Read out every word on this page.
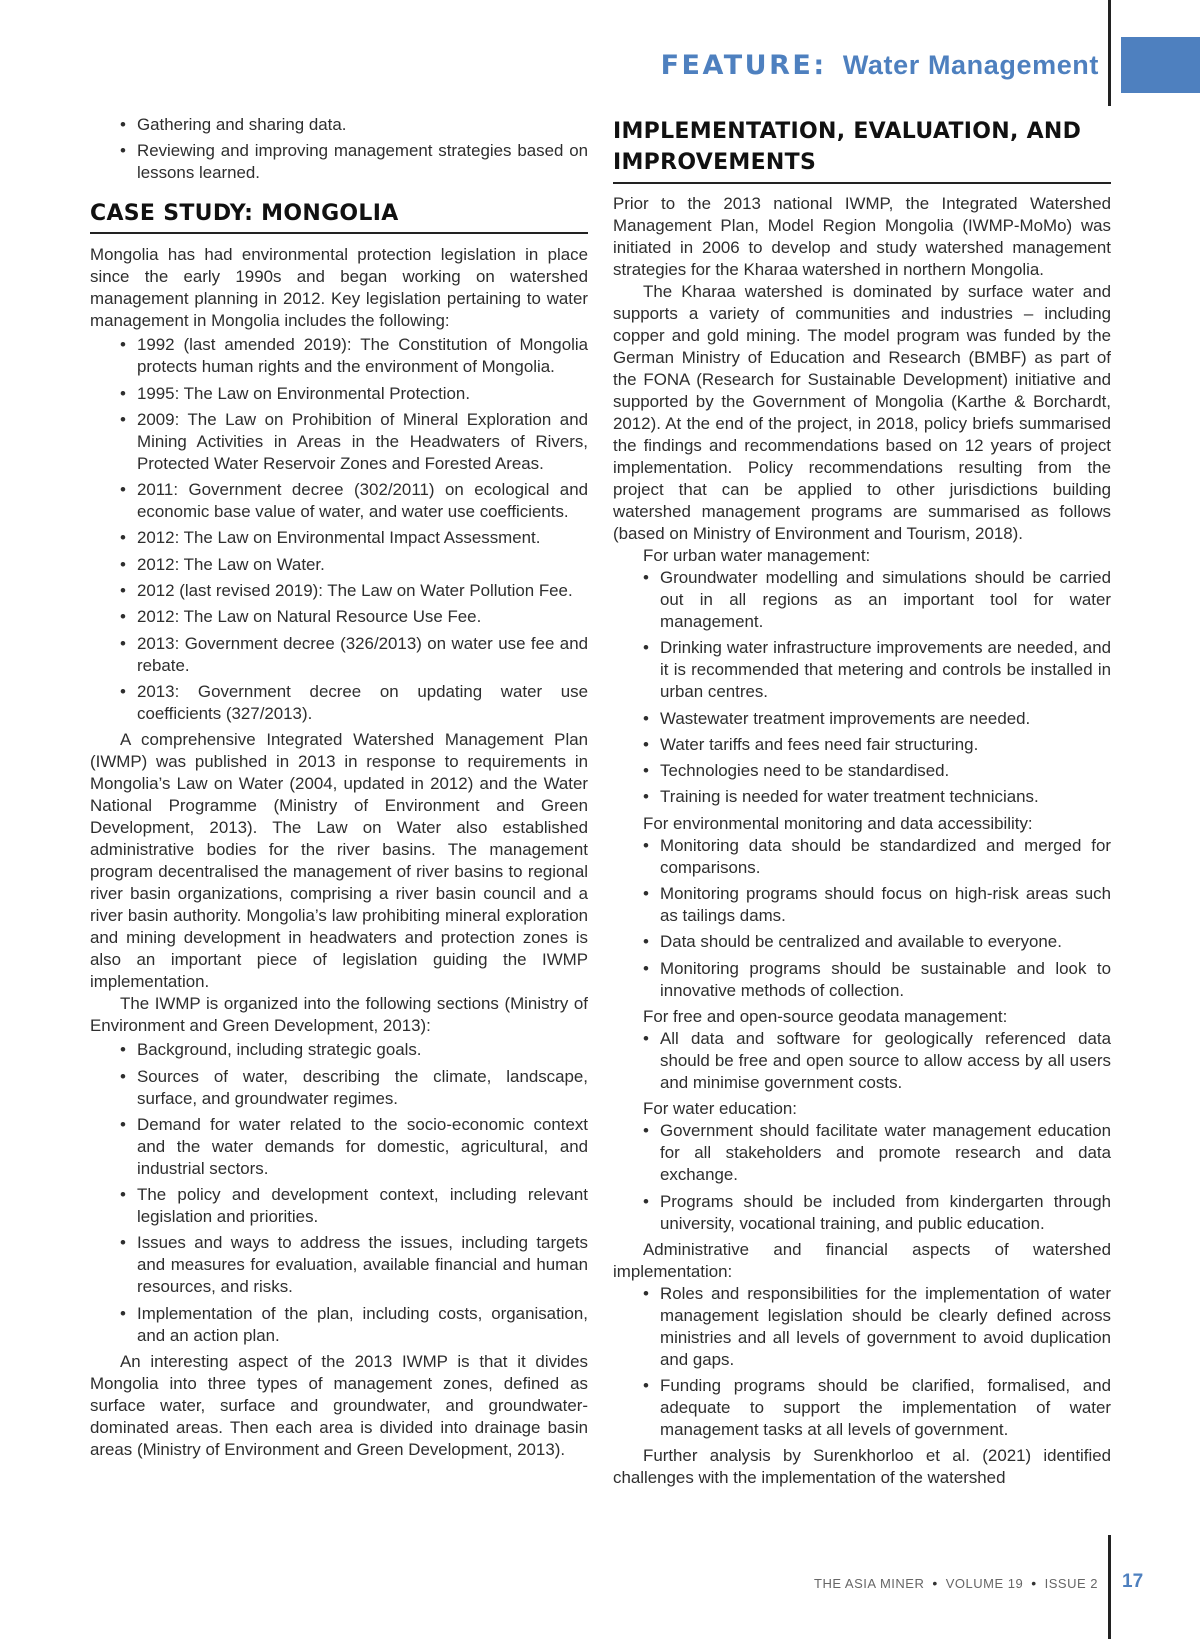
FEATURE: Water Management
• Gathering and sharing data.
• Reviewing and improving management strategies based on lessons learned.
CASE STUDY: MONGOLIA

Mongolia has had environmental protection legislation in place since the early 1990s and began working on watershed management planning in 2012. Key legislation pertaining to water management in Mongolia includes the following:

• 1992 (last amended 2019): The Constitution of Mongolia protects human rights and the environment of Mongolia.
• 1995: The Law on Environmental Protection.
• 2009: The Law on Prohibition of Mineral Exploration and Mining Activities in Areas in the Headwaters of Rivers, Protected Water Reservoir Zones and Forested Areas.
• 2011: Government decree (302/2011) on ecological and economic base value of water, and water use coefficients.
• 2012: The Law on Environmental Impact Assessment.
• 2012: The Law on Water.
• 2012 (last revised 2019): The Law on Water Pollution Fee.
• 2012: The Law on Natural Resource Use Fee.
• 2013: Government decree (326/2013) on water use fee and rebate.
• 2013: Government decree on updating water use coefficients (327/2013).

A comprehensive Integrated Watershed Management Plan (IWMP) was published in 2013 in response to requirements in Mongolia’s Law on Water (2004, updated in 2012) and the Water National Programme (Ministry of Environment and Green Development, 2013). The Law on Water also established administrative bodies for the river basins. The management program decentralised the management of river basins to regional river basin organizations, comprising a river basin council and a river basin authority. Mongolia’s law prohibiting mineral exploration and mining development in headwaters and protection zones is also an important piece of legislation guiding the IWMP implementation.

The IWMP is organized into the following sections (Ministry of Environment and Green Development, 2013):

• Background, including strategic goals.
• Sources of water, describing the climate, landscape, surface, and groundwater regimes.
• Demand for water related to the socio-economic context and the water demands for domestic, agricultural, and industrial sectors.
• The policy and development context, including relevant legislation and priorities.
• Issues and ways to address the issues, including targets and measures for evaluation, available financial and human resources, and risks.
• Implementation of the plan, including costs, organisation, and an action plan.

An interesting aspect of the 2013 IWMP is that it divides Mongolia into three types of management zones, defined as surface water, surface and groundwater, and groundwater-dominated areas. Then each area is divided into drainage basin areas (Ministry of Environment and Green Development, 2013).

IMPLEMENTATION, EVALUATION, AND IMPROVEMENTS

Prior to the 2013 national IWMP, the Integrated Watershed Management Plan, Model Region Mongolia (IWMP-MoMo) was initiated in 2006 to develop and study watershed management strategies for the Kharaa watershed in northern Mongolia.

The Kharaa watershed is dominated by surface water and supports a variety of communities and industries – including copper and gold mining. The model program was funded by the German Ministry of Education and Research (BMBF) as part of the FONA (Research for Sustainable Development) initiative and supported by the Government of Mongolia (Karthe & Borchardt, 2012). At the end of the project, in 2018, policy briefs summarised the findings and recommendations based on 12 years of project implementation. Policy recommendations resulting from the project that can be applied to other jurisdictions building watershed management programs are summarised as follows (based on Ministry of Environment and Tourism, 2018).

For urban water management:

• Groundwater modelling and simulations should be carried out in all regions as an important tool for water management.
• Drinking water infrastructure improvements are needed, and it is recommended that metering and controls be installed in urban centres.
• Wastewater treatment improvements are needed.
• Water tariffs and fees need fair structuring.
• Technologies need to be standardised.
• Training is needed for water treatment technicians.

For environmental monitoring and data accessibility:

• Monitoring data should be standardized and merged for comparisons.
• Monitoring programs should focus on high-risk areas such as tailings dams.
• Data should be centralized and available to everyone.
• Monitoring programs should be sustainable and look to innovative methods of collection.

For free and open-source geodata management:

• All data and software for geologically referenced data should be free and open source to allow access by all users and minimise government costs.

For water education:

• Government should facilitate water management education for all stakeholders and promote research and data exchange.
• Programs should be included from kindergarten through university, vocational training, and public education.

Administrative and financial aspects of watershed implementation:

• Roles and responsibilities for the implementation of water management legislation should be clearly defined across ministries and all levels of government to avoid duplication and gaps.
• Funding programs should be clarified, formalised, and adequate to support the implementation of water management tasks at all levels of government.

Further analysis by Surenkhorloo et al. (2021) identified challenges with the implementation of the watershed

THE ASIA MINER • VOLUME 19 • ISSUE 2 17
